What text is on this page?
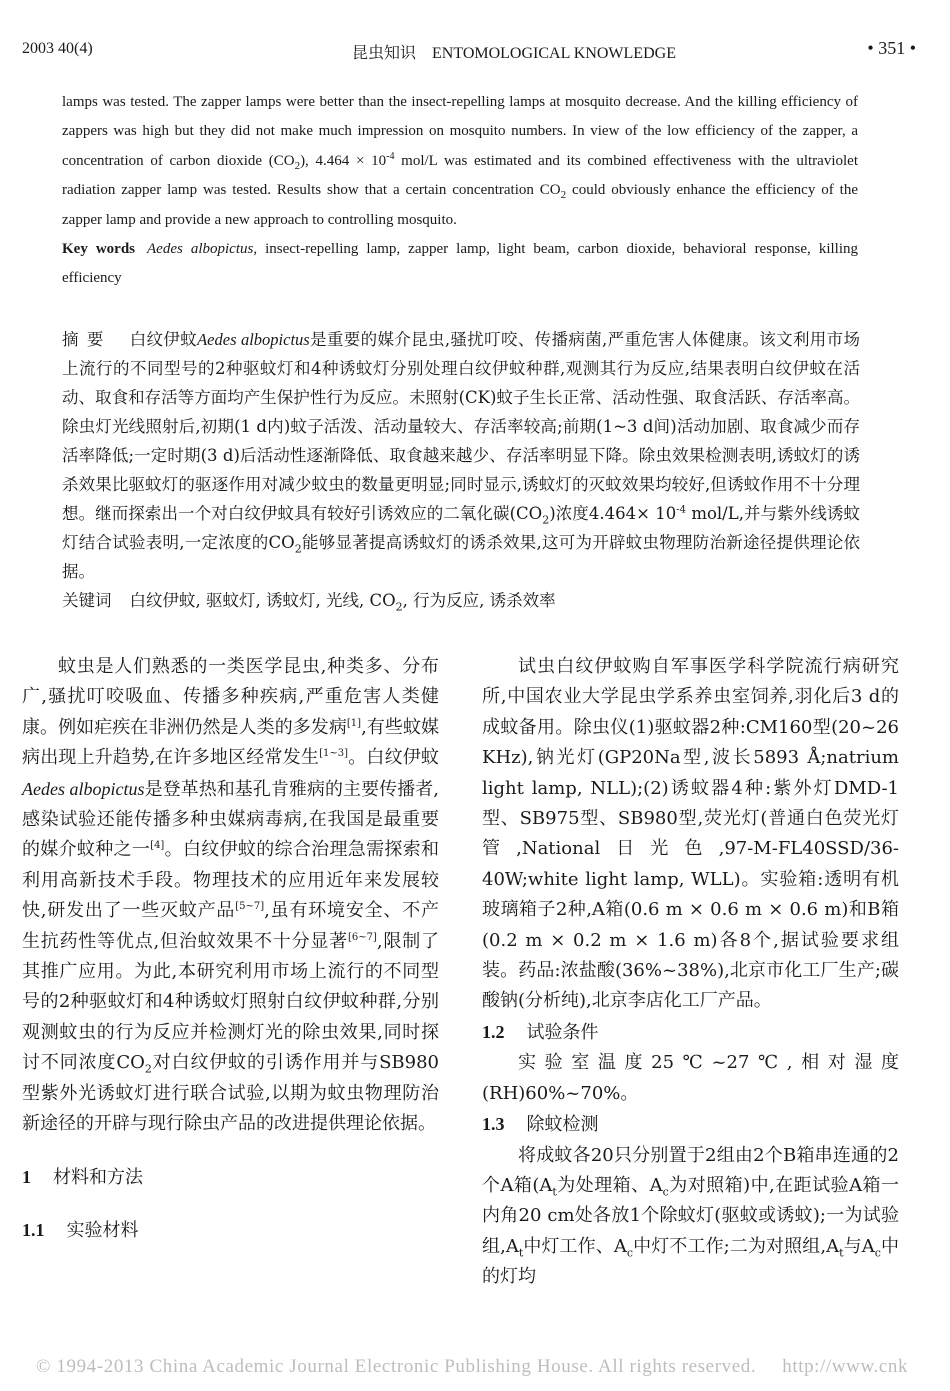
2003 40(4)	昆虫知识　ENTOMOLOGICAL KNOWLEDGE	• 351 •

lamps was tested. The zapper lamps were better than the insect-repelling lamps at mosquito decrease. And the killing efficiency of zappers was high but they did not make much impression on mosquito numbers. In view of the low efficiency of the zapper, a concentration of carbon dioxide $(CO_2)$, $4.464 \times 10^{-4}$ mol/L was estimated and its combined effectiveness with the ultraviolet radiation zapper lamp was tested. Results show that a certain concentration $CO_2$ could obviously enhance the efficiency of the zapper lamp and provide a new approach to controlling mosquito.

Key words Aedes albopictus, insect-repelling lamp, zapper lamp, light beam, carbon dioxide, behavioral response, killing efficiency

摘要 白纹伊蚊Aedes albopictus是重要的媒介昆虫,骚扰叮咬、传播病菌,严重危害人体健康。该文利用市场上流行的不同型号的2种驱蚊灯和4种诱蚊灯分别处理白纹伊蚊种群,观测其行为反应,结果表明白纹伊蚊在活动、取食和存活等方面均产生保护性行为反应。未照射(CK)蚊子生长正常、活动性强、取食活跃、存活率高。除虫灯光线照射后,初期(1 d内)蚊子活泼、活动量较大、存活率较高;前期(1~3 d间)活动加剧、取食减少而存活率降低;一定时期(3 d)后活动性逐渐降低、取食越来越少、存活率明显下降。除虫效果检测表明,诱蚊灯的诱杀效果比驱蚊灯的驱逐作用对减少蚊虫的数量更明显;同时显示,诱蚊灯的灭蚊效果均较好,但诱蚊作用不十分理想。继而探索出一个对白纹伊蚊具有较好引诱效应的二氧化碳$(CO_2)$浓度$4.464\times 10^{-4}$ mol/L,并与紫外线诱蚊灯结合试验表明,一定浓度的$CO_2$能够显著提高诱蚊灯的诱杀效果,这可为开辟蚊虫物理防治新途径提供理论依据。

关键词 白纹伊蚊, 驱蚊灯, 诱蚊灯, 光线, $CO_2$, 行为反应, 诱杀效率

蚊虫是人们熟悉的一类医学昆虫,种类多、分布广,骚扰叮咬吸血、传播多种疾病,严重危害人类健康。例如疟疾在非洲仍然是人类的多发病[1],有些蚊媒病出现上升趋势,在许多地区经常发生[1~3]。白纹伊蚊Aedes albopictus是登革热和基孔肯雅病的主要传播者,感染试验还能传播多种虫媒病毒病,在我国是最重要的媒介蚊种之一[4]。白纹伊蚊的综合治理急需探索和利用高新技术手段。物理技术的应用近年来发展较快,研发出了一些灭蚊产品[5~7],虽有环境安全、不产生抗药性等优点,但治蚊效果不十分显著[6~7],限制了其推广应用。为此,本研究利用市场上流行的不同型号的2种驱蚊灯和4种诱蚊灯照射白纹伊蚊种群,分别观测蚊虫的行为反应并检测灯光的除虫效果,同时探讨不同浓度$CO_2$对白纹伊蚊的引诱作用并与SB980型紫外光诱蚊灯进行联合试验,以期为蚊虫物理防治新途径的开辟与现行除虫产品的改进提供理论依据。

1 材料和方法

1.1 实验材料

试虫白纹伊蚊购自军事医学科学院流行病研究所,中国农业大学昆虫学系养虫室饲养,羽化后3 d的成蚊备用。除虫仪(1)驱蚊器2种:CM160型(20~26 KHz),钠光灯(GP20Na型,波长5893 Å;natrium light lamp, NLL);(2)诱蚊器4种:紫外灯DMD-1型、SB975型、SB980型,荧光灯(普通白色荧光灯管,National日光色,97-M-FL40SSD/36-40W;white light lamp, WLL)。实验箱:透明有机玻璃箱子2种,A箱(0.6 m × 0.6 m × 0.6 m)和B箱(0.2 m × 0.2 m × 1.6 m)各8个,据试验要求组装。药品:浓盐酸(36%~38%),北京市化工厂生产;碳酸钠(分析纯),北京李店化工厂产品。

1.2 试验条件

实验室温度25℃~27℃,相对湿度(RH)60%~70%。

1.3 除蚊检测

将成蚊各20只分别置于2组由2个B箱串连通的2个A箱($A_t$为处理箱、$A_c$为对照箱)中,在距试验A箱一内角20 cm处各放1个除蚊灯(驱蚊或诱蚊);一为试验组$,A_t$中灯工作、$A_c$中灯不工作;二为对照组$,A_t$与$A_c$中的灯均

© 1994-2013 China Academic Journal Electronic Publishing House. All rights reserved. http://www.cnk
